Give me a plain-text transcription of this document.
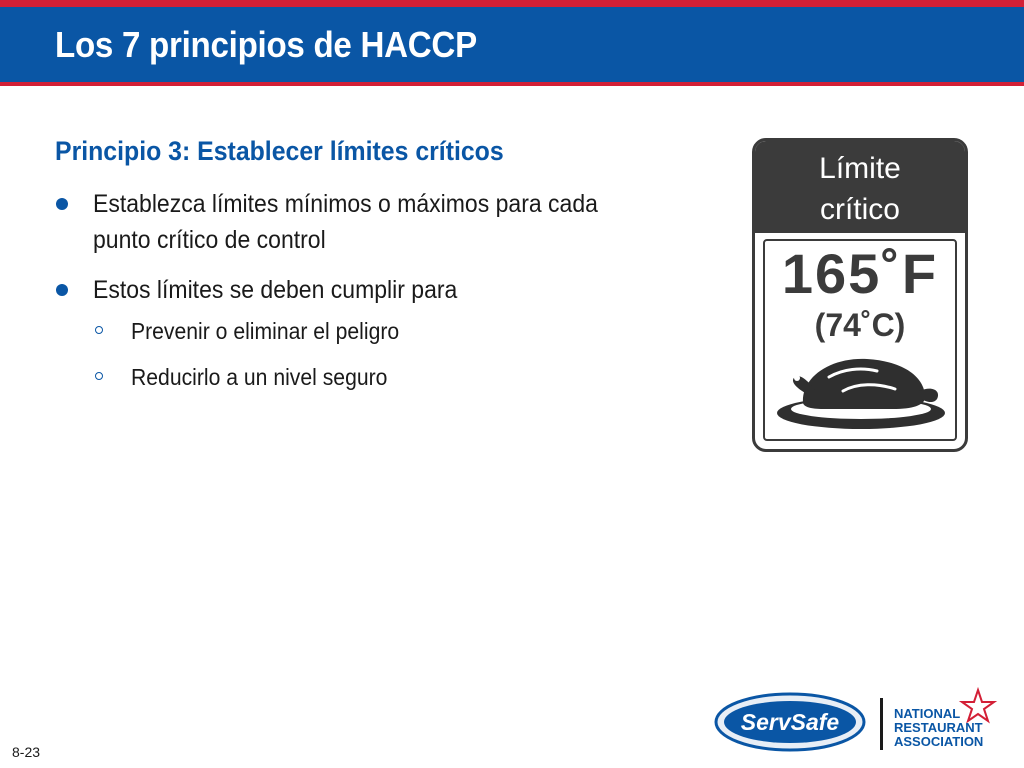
Los 7 principios de HACCP
Principio 3: Establecer límites críticos
Establezca límites mínimos o máximos para cada punto crítico de control
Estos límites se deben cumplir para
Prevenir o eliminar el peligro
Reducirlo a un nivel seguro
Límite
crítico
165˚F
(74˚C)
8-23
ServSafe	NATIONAL
RESTAURANT
ASSOCIATION
